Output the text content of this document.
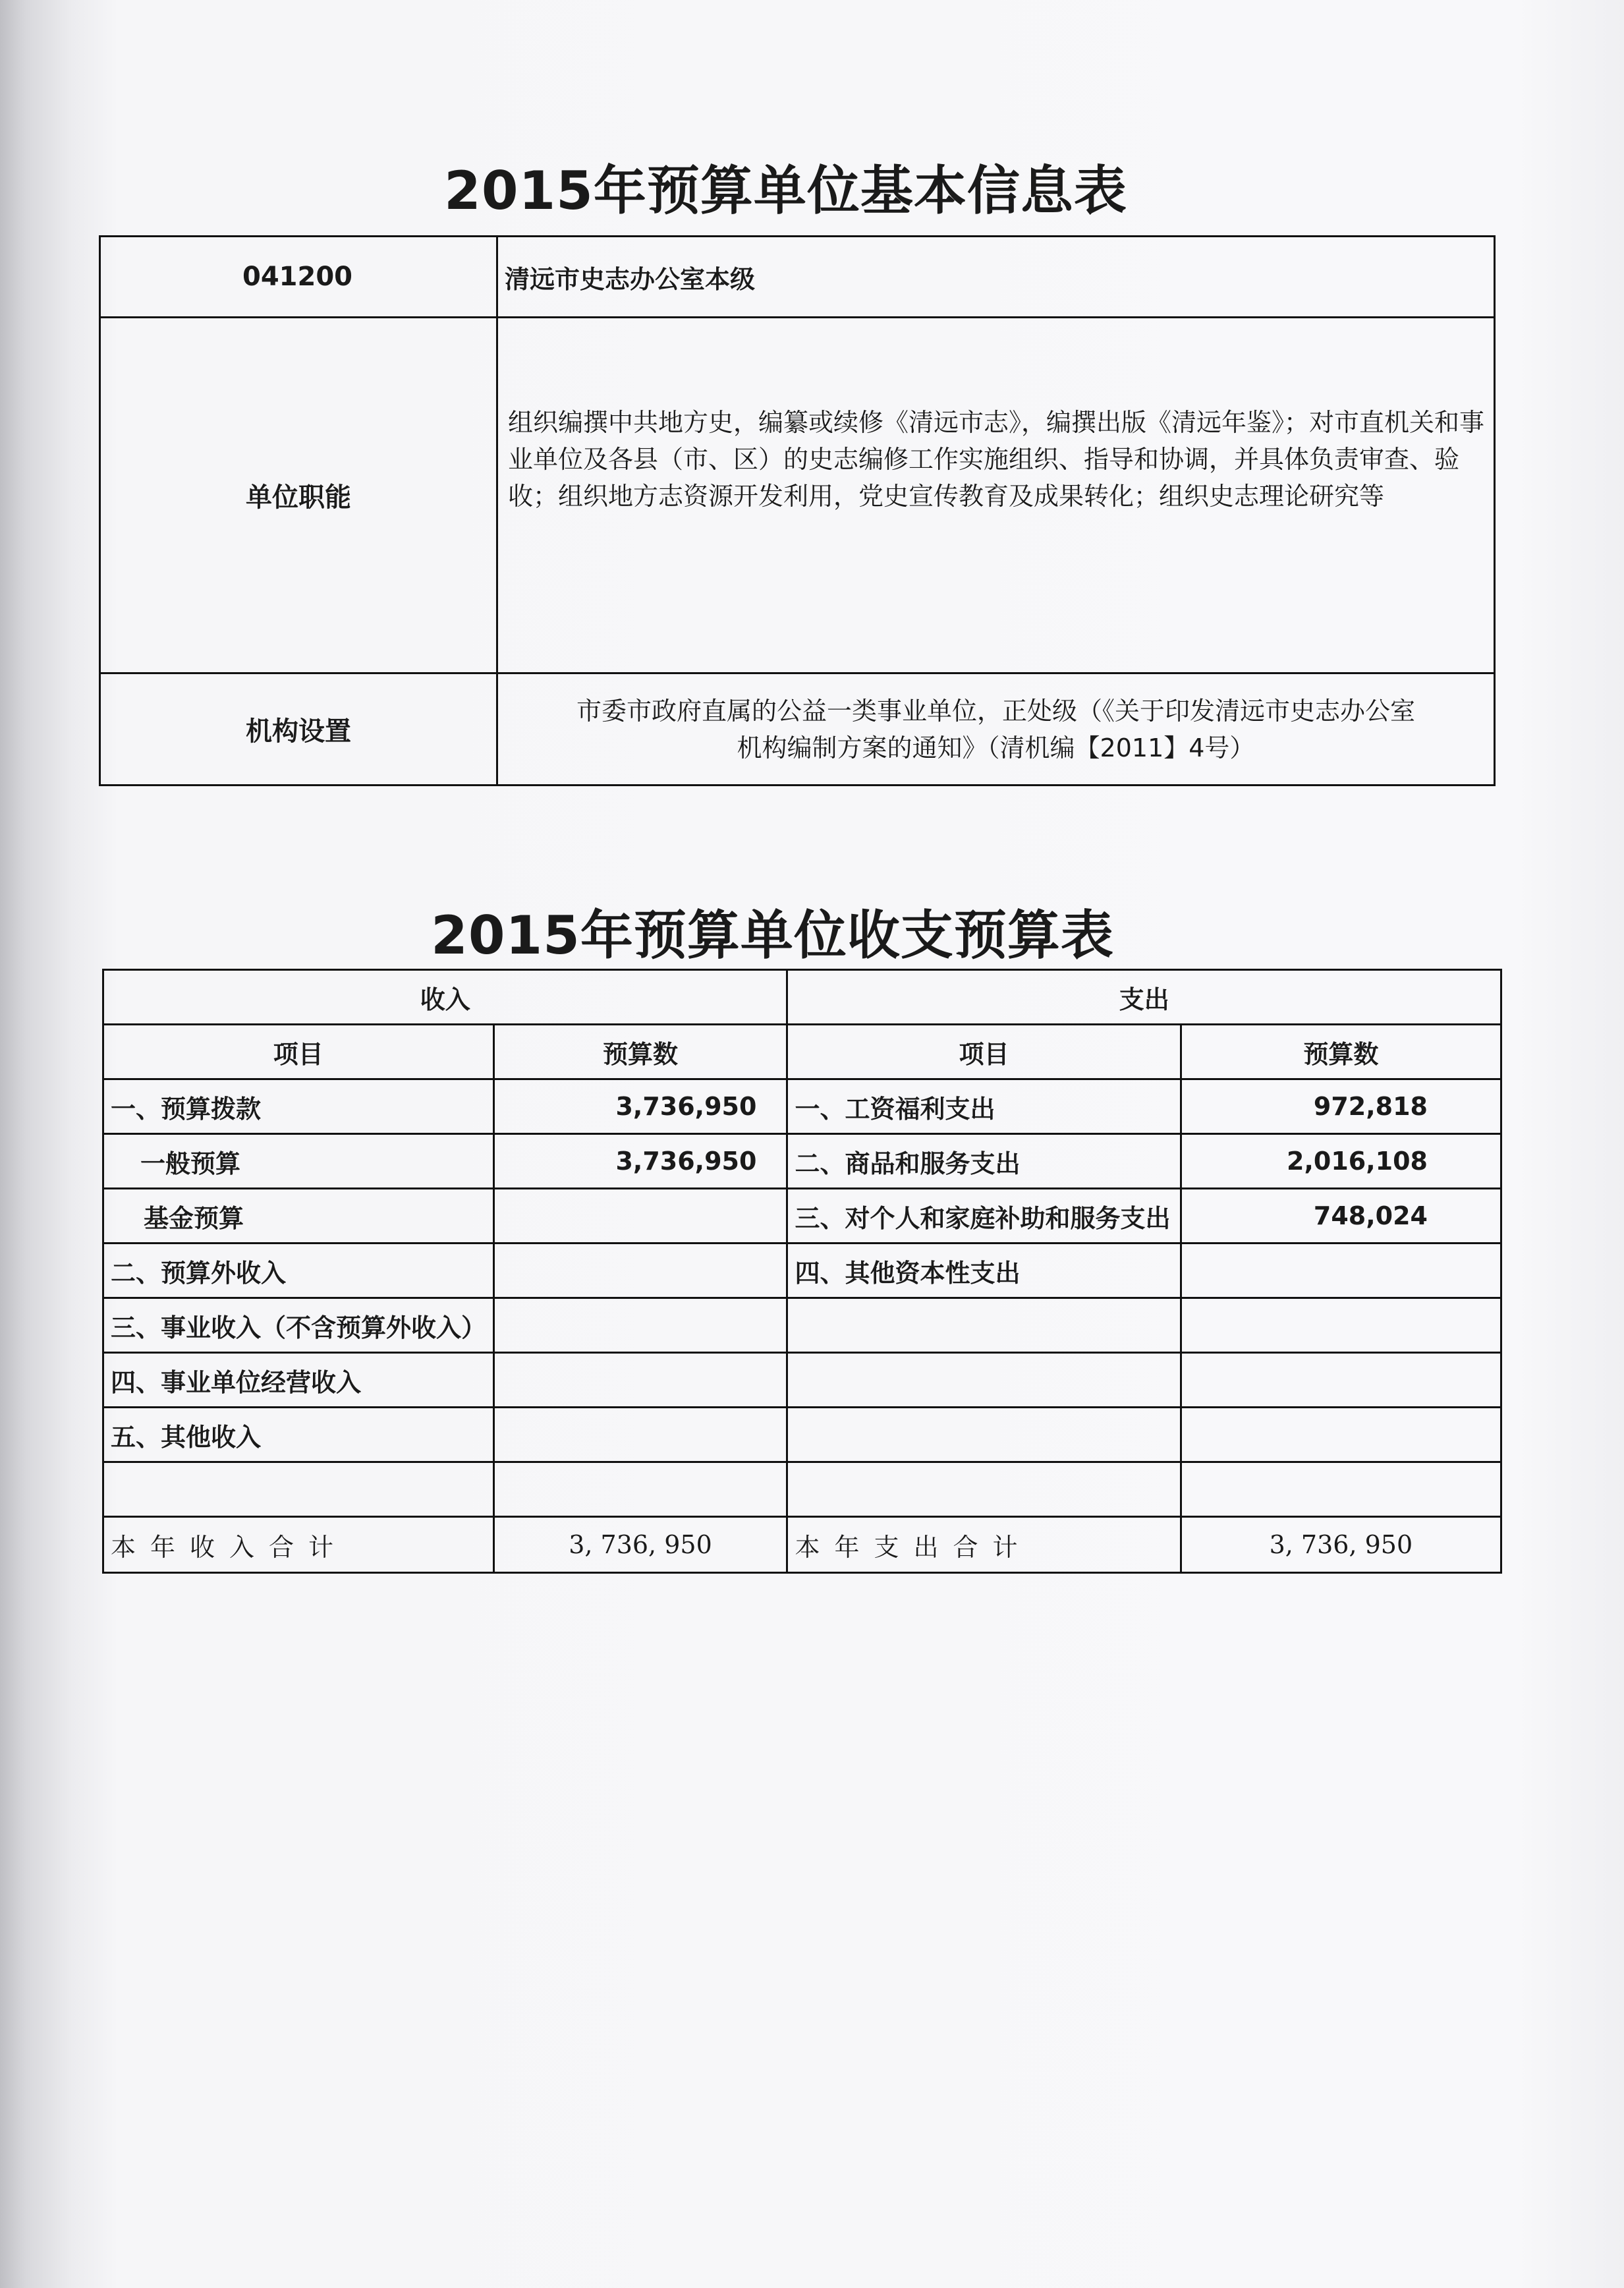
2015年预算单位基本信息表
041200	清远市史志办公室本级
单位职能	组织编撰中共地方史，编纂或续修《清远市志》，编撰出版《清远年鉴》；对市直机关和事业单位及各县（市、区）的史志编修工作实施组织、指导和协调，并具体负责审查、验收；组织地方志资源开发利用，党史宣传教育及成果转化；组织史志理论研究等

机构设置	市委市政府直属的公益一类事业单位，正处级（《关于印发清远市史志办公室
机构编制方案的通知》（清机编【2011】4号）
2015年预算单位收支预算表
收入		支出	
项目	预算数	项目	预算数
一、预算拨款	3,736,950	一、工资福利支出	972,818
一般预算	3,736,950	二、商品和服务支出	2,016,108
基金预算		三、对个人和家庭补助和服务支出	748,024
二、预算外收入		四、其他资本性支出	
三、事业收入（不含预算外收入）			
四、事业单位经营收入			
五、其他收入			

本年收入合计	3, 736, 950	本年支出合计	3, 736, 950
